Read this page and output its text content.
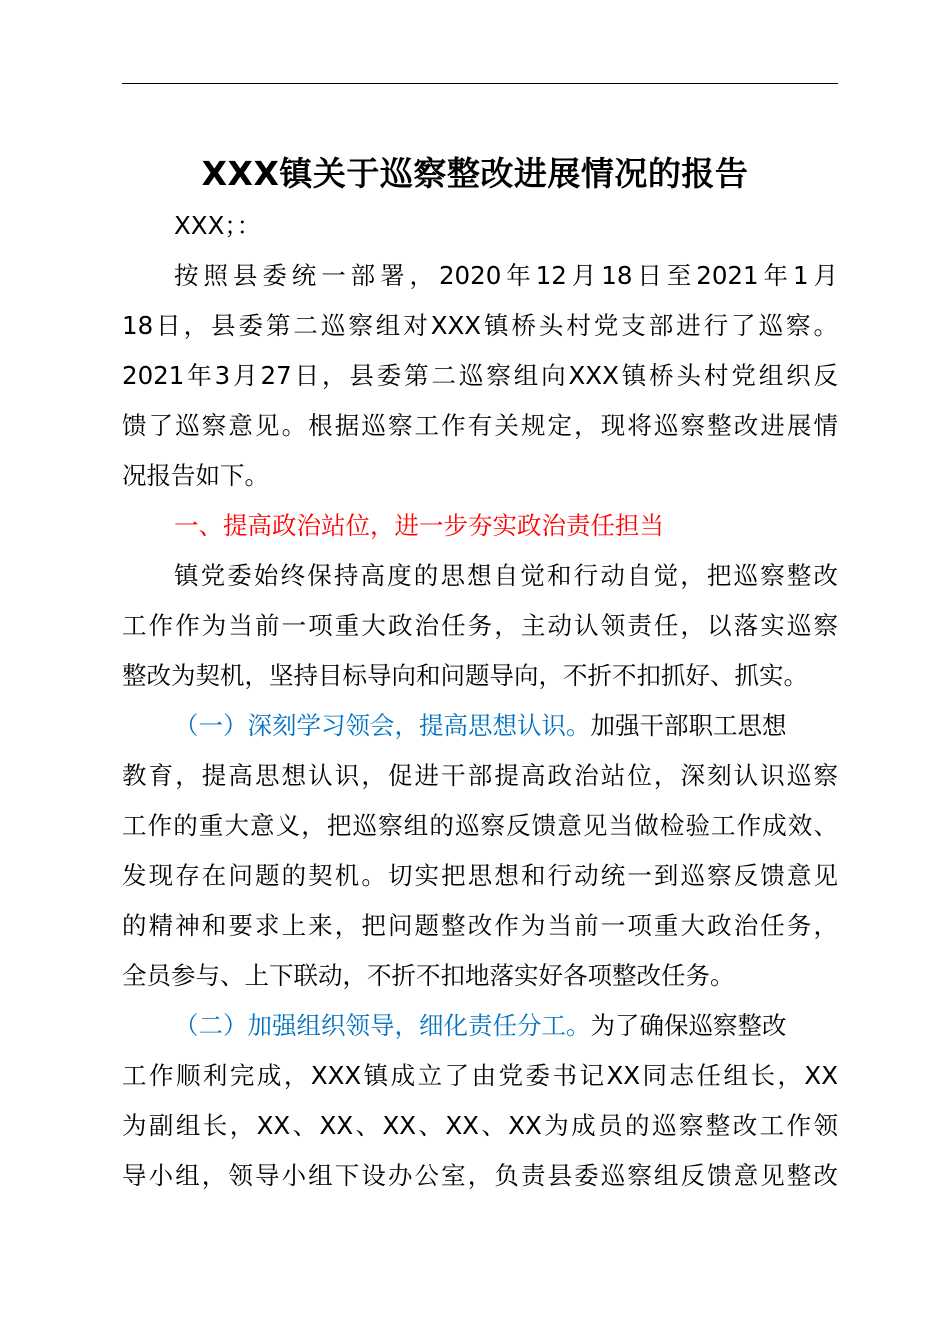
XXX镇关于巡察整改进展情况的报告
XXX；：
按照县委统一部署，2020年12月18日至2021年1月
18日，县委第二巡察组对XXX镇桥头村党支部进行了巡察。
2021年3月27日，县委第二巡察组向XXX镇桥头村党组织反
馈了巡察意见。根据巡察工作有关规定，现将巡察整改进展情
况报告如下。
一、提高政治站位，进一步夯实政治责任担当
镇党委始终保持高度的思想自觉和行动自觉，把巡察整改
工作作为当前一项重大政治任务，主动认领责任，以落实巡察
整改为契机，坚持目标导向和问题导向，不折不扣抓好、抓实。
（一）深刻学习领会，提高思想认识。加强干部职工思想
教育，提高思想认识，促进干部提高政治站位，深刻认识巡察
工作的重大意义，把巡察组的巡察反馈意见当做检验工作成效、
发现存在问题的契机。切实把思想和行动统一到巡察反馈意见
的精神和要求上来，把问题整改作为当前一项重大政治任务，
全员参与、上下联动，不折不扣地落实好各项整改任务。
（二）加强组织领导，细化责任分工。为了确保巡察整改
工作顺利完成，XXX镇成立了由党委书记XX同志任组长，XX
为副组长，XX、XX、XX、XX、XX为成员的巡察整改工作领
导小组，领导小组下设办公室，负责县委巡察组反馈意见整改
